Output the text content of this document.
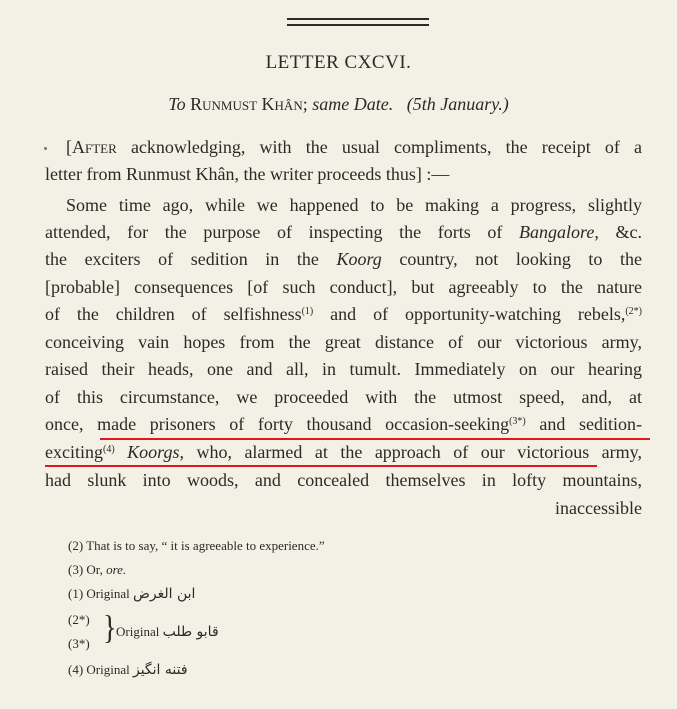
LETTER CXCVI.
To Runmust Khân; same Date. (5th January.)
[After acknowledging, with the usual compliments, the receipt of a
letter from Runmust Khân, the writer proceeds thus] :—
Some time ago, while we happened to be making a progress, slightly
attended, for the purpose of inspecting the forts of Bangalore, &c.
the exciters of sedition in the Koorg country, not looking to the
[probable] consequences [of such conduct], but agreeably to the nature
of the children of selfishness$^{(1)}$ and of opportunity-watching rebels,$^{(2*)}$
conceiving vain hopes from the great distance of our victorious army,
raised their heads, one and all, in tumult. Immediately on our hearing
of this circumstance, we proceeded with the utmost speed, and, at
once, made prisoners of forty thousand occasion-seeking$^{(3*)}$ and sedition-
exciting$^{(4)}$ Koorgs, who, alarmed at the approach of our victorious army,
had slunk into woods, and concealed themselves in lofty mountains,
inaccessible
(2) That is to say, “ it is agreeable to experience.”
(3) Or, ore.
(1) Original ابن الغرض
(2*)
(3*) } Original قابو طلب
(4) Original فتنه انگیز
